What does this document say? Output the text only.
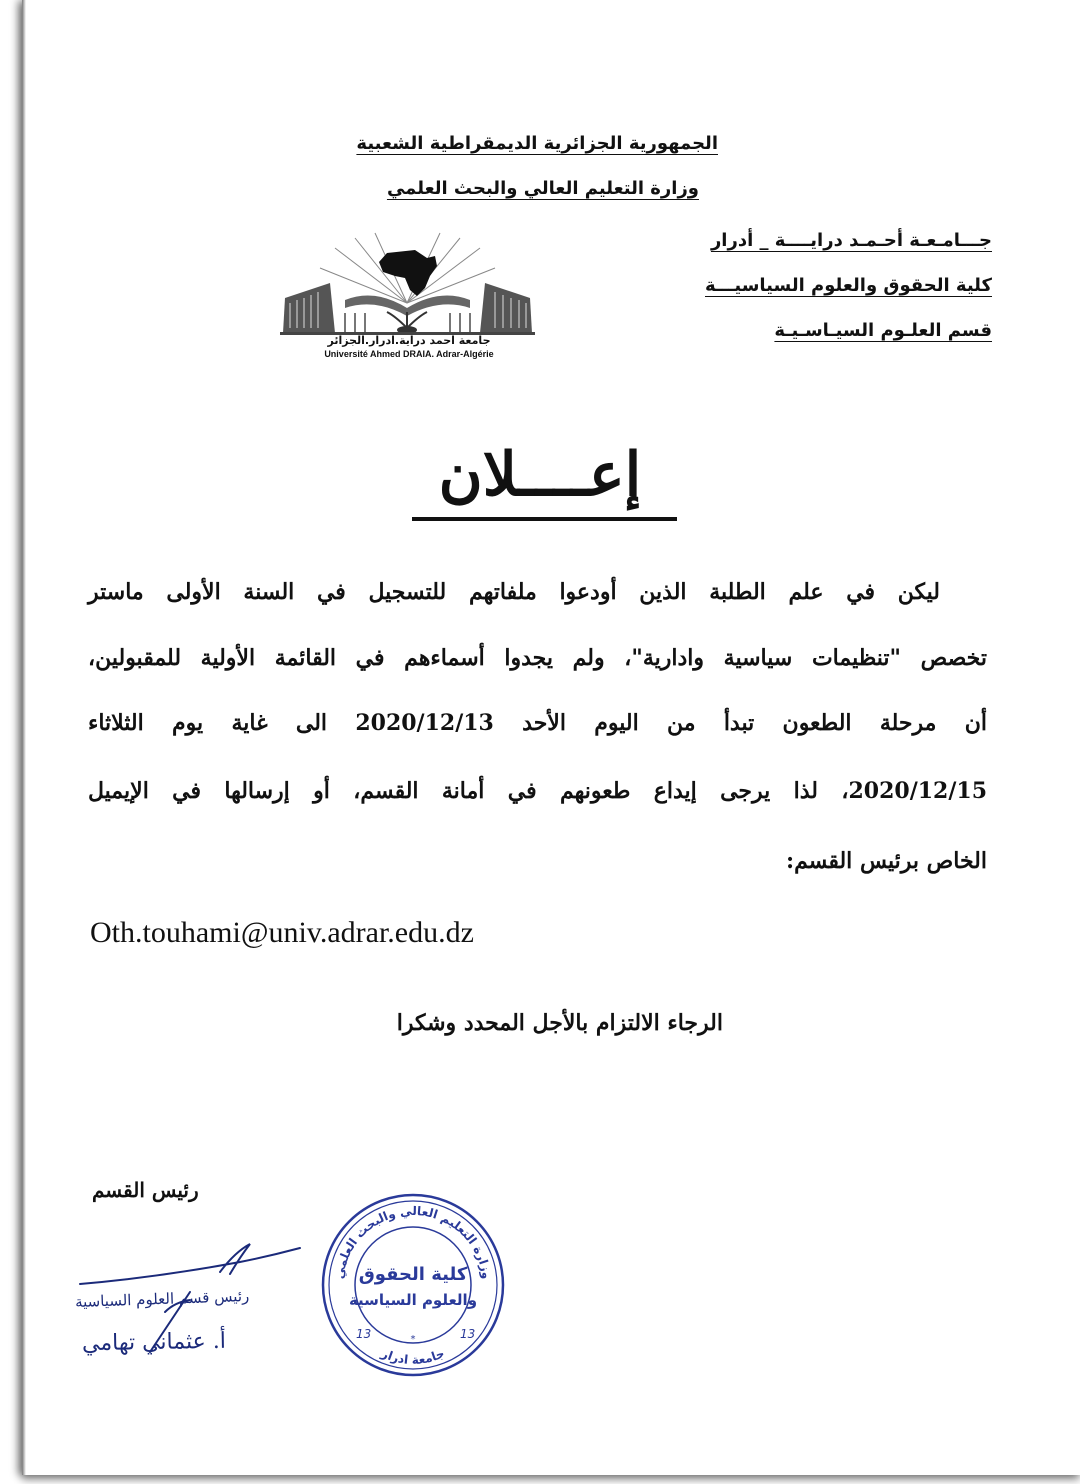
الجمهورية الجزائرية الديمقراطية الشعبية
وزارة التعليم العالي والبحث العلمي
جـــامـعـة أحـمـد درايــــة _ أدرار
كلية الحقوق والعلوم السياسيـــة
قسم العلـوم السيـاسـيـة
جامعة احمد دراية.ادرار.الجزائر
Université Ahmed DRAIA. Adrar-Algérie
إعــــلان
ليكن في علم الطلبة الذين أودعوا ملفاتهم للتسجيل في السنة الأولى ماستر
تخصص "تنظيمات سياسية وادارية"، ولم يجدوا أسماءهم في القائمة الأولية للمقبولين،
أن مرحلة الطعون تبدأ من اليوم الأحد 2020/12/13 الى غاية يوم الثلاثاء
2020/12/15، لذا يرجى إيداع طعونهم في أمانة القسم، أو إرسالها في الإيميل
الخاص برئيس القسم:
Oth.touhami@univ.adrar.edu.dz
الرجاء الالتزام بالأجل المحدد وشكرا
رئيس القسم
رئيس قسم العلوم السياسية
أ. عثماني تهامي
وزارة التعليم العالي والبحث العلمي
جامعة ادرار
كلية الحقوق
والعلوم السياسية
13	13
*
